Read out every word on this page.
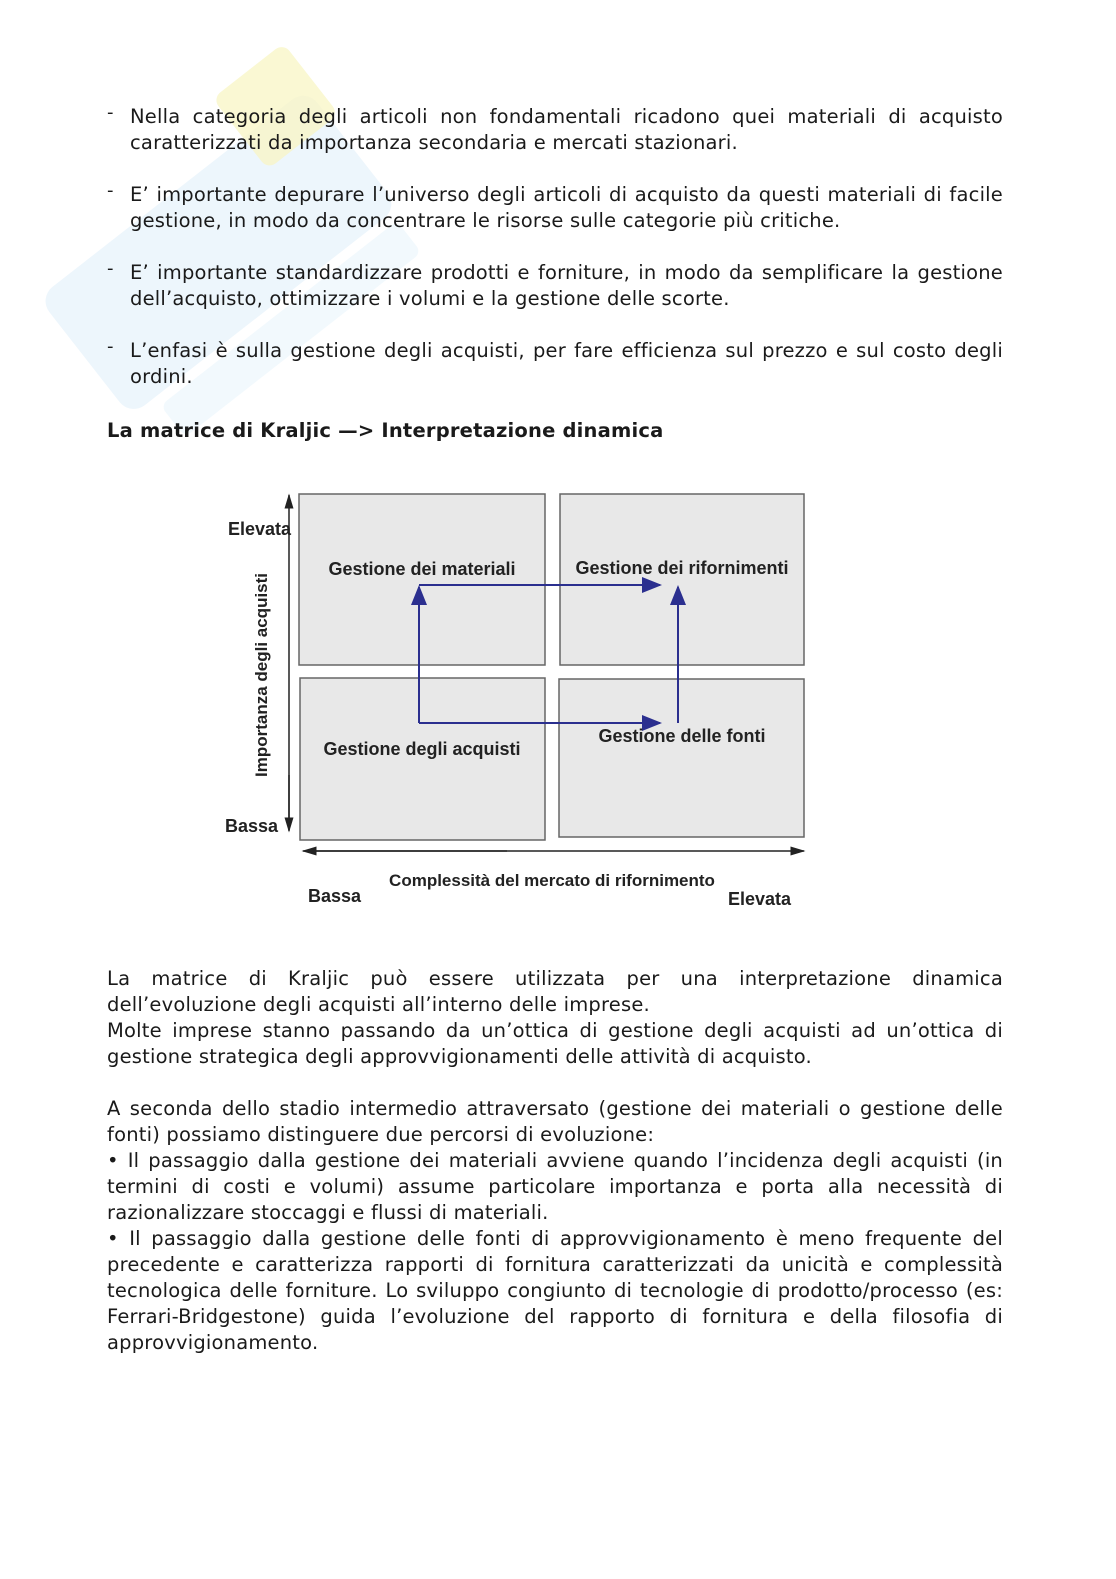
- Nella categoria degli articoli non fondamentali ricadono quei materiali di acquisto caratterizzati da importanza secondaria e mercati stazionari.
- E’ importante depurare l’universo degli articoli di acquisto da questi materiali di facile gestione, in modo da concentrare le risorse sulle categorie più critiche.
- E’ importante standardizzare prodotti e forniture, in modo da semplificare la gestione dell’acquisto, ottimizzare i volumi e la gestione delle scorte.
- L’enfasi è sulla gestione degli acquisti, per fare efficienza sul prezzo e sul costo degli ordini.

La matrice di Kraljic —> Interpretazione dinamica

Elevata
Bassa
Importanza degli acquisti
Gestione dei materiali	Gestione dei rifornimenti
Gestione degli acquisti
Gestione delle fonti
Complessità del mercato di rifornimento
Bassa	Elevata

La matrice di Kraljic può essere utilizzata per una interpretazione dinamica dell’evoluzione degli acquisti all’interno delle imprese.

Molte imprese stanno passando da un’ottica di gestione degli acquisti ad un’ottica di gestione strategica degli approvvigionamenti delle attività di acquisto.

A seconda dello stadio intermedio attraversato (gestione dei materiali o gestione delle fonti) possiamo distinguere due percorsi di evoluzione:

• Il passaggio dalla gestione dei materiali avviene quando l’incidenza degli acquisti (in termini di costi e volumi) assume particolare importanza e porta alla necessità di razionalizzare stoccaggi e flussi di materiali.

• Il passaggio dalla gestione delle fonti di approvvigionamento è meno frequente del precedente e caratterizza rapporti di fornitura caratterizzati da unicità e complessità tecnologica delle forniture. Lo sviluppo congiunto di tecnologie di prodotto/processo (es: Ferrari-Bridgestone) guida l’evoluzione del rapporto di fornitura e della filosofia di approvvigionamento.
